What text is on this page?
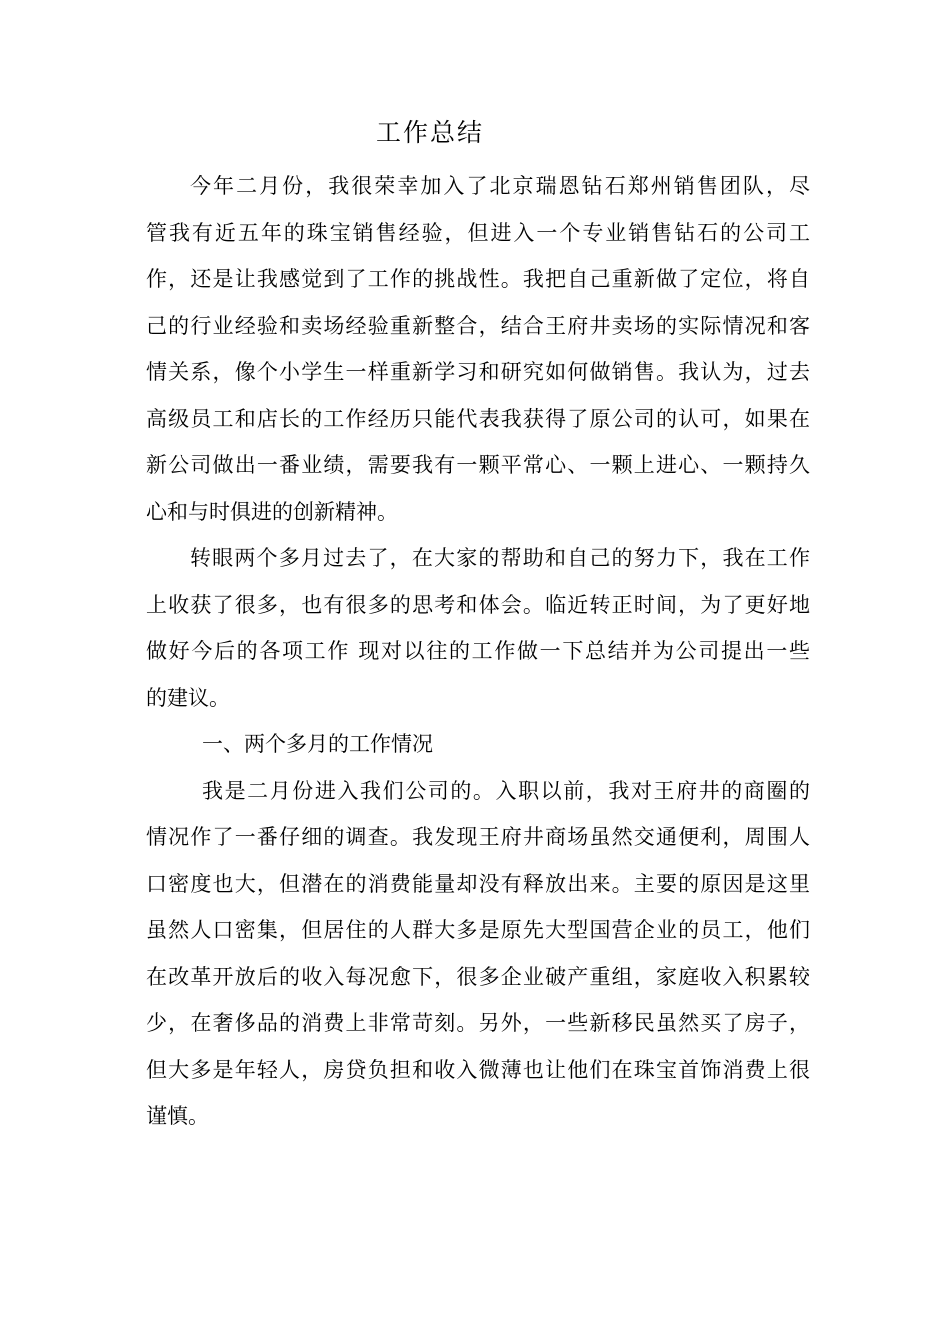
工作总结

今年二月份，我很荣幸加入了北京瑞恩钻石郑州销售团队，尽
管我有近五年的珠宝销售经验，但进入一个专业销售钻石的公司工
作，还是让我感觉到了工作的挑战性。我把自己重新做了定位，将自
己的行业经验和卖场经验重新整合，结合王府井卖场的实际情况和客
情关系，像个小学生一样重新学习和研究如何做销售。我认为，过去
高级员工和店长的工作经历只能代表我获得了原公司的认可，如果在
新公司做出一番业绩，需要我有一颗平常心、一颗上进心、一颗持久
心和与时俱进的创新精神。

转眼两个多月过去了，在大家的帮助和自己的努力下，我在工作
上收获了很多，也有很多的思考和体会。临近转正时间，为了更好地
做好今后的各项工作 现对以往的工作做一下总结并为公司提出一些
的建议。

一、两个多月的工作情况

我是二月份进入我们公司的。入职以前，我对王府井的商圈的
情况作了一番仔细的调查。我发现王府井商场虽然交通便利，周围人
口密度也大，但潜在的消费能量却没有释放出来。主要的原因是这里
虽然人口密集，但居住的人群大多是原先大型国营企业的员工，他们
在改革开放后的收入每况愈下，很多企业破产重组，家庭收入积累较
少，在奢侈品的消费上非常苛刻。另外，一些新移民虽然买了房子，
但大多是年轻人，房贷负担和收入微薄也让他们在珠宝首饰消费上很
谨慎。
